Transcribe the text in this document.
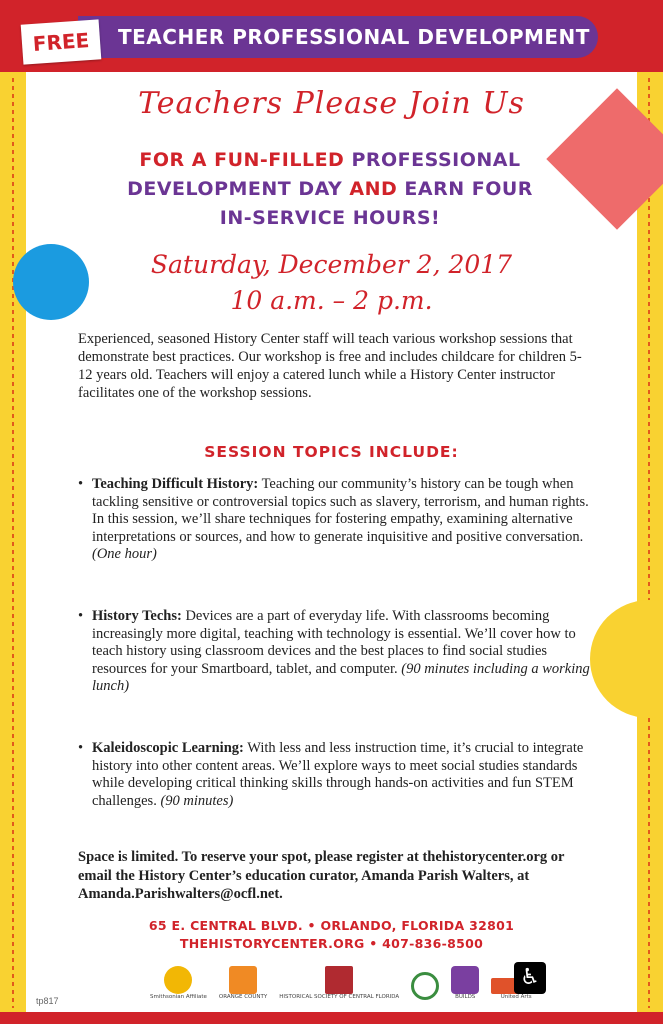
TEACHER PROFESSIONAL DEVELOPMENT
FREE
Teachers Please Join Us
FOR A FUN-FILLED PROFESSIONAL
DEVELOPMENT DAY AND EARN FOUR
IN-SERVICE HOURS!
Saturday, December 2, 2017
10 a.m. – 2 p.m.
Experienced, seasoned History Center staff will teach various workshop sessions that demonstrate best practices. Our workshop is free and includes childcare for children 5-12 years old. Teachers will enjoy a catered lunch while a History Center instructor facilitates one of the workshop sessions.
SESSION TOPICS INCLUDE:
• Teaching Difficult History: Teaching our community’s history can be tough when tackling sensitive or controversial topics such as slavery, terrorism, and human rights. In this session, we’ll share techniques for fostering empathy, examining alternative interpretations or sources, and how to generate inquisitive and positive conversation. (One hour)
• History Techs: Devices are a part of everyday life. With classrooms becoming increasingly more digital, teaching with technology is essential. We’ll cover how to teach history using classroom devices and the best places to find social studies resources for your Smartboard, tablet, and computer. (90 minutes including a working lunch)
• Kaleidoscopic Learning: With less and less instruction time, it’s crucial to integrate history into other content areas. We’ll explore ways to meet social studies standards while developing critical thinking skills through hands-on activities and fun STEM challenges. (90 minutes)
Space is limited. To reserve your spot, please register at thehistorycenter.org or email the History Center’s education curator, Amanda Parish Walters, at Amanda.Parishwalters@ocfl.net.
65 E. CENTRAL BLVD. • ORLANDO, FLORIDA 32801
THEHISTORYCENTER.ORG • 407-836-8500
Smithsonian Affiliate ORANGE COUNTY HISTORICAL SOCIETY OF CENTRAL FLORIDA	BUILDS	United Arts
♿
tp817
